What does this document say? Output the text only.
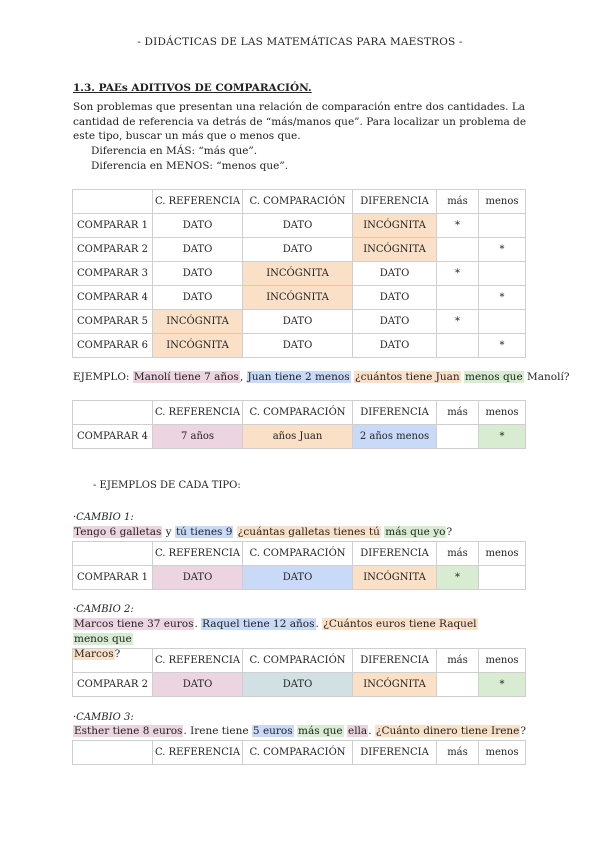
- DIDÁCTICAS DE LAS MATEMÁTICAS PARA MAESTROS -
1.3. PAEs ADITIVOS DE COMPARACIÓN.
Son problemas que presentan una relación de comparación entre dos cantidades. La cantidad de referencia va detrás de “más/manos que”. Para localizar un problema de este tipo, buscar un más que o menos que.
Diferencia en MÁS: “más que”.
Diferencia en MENOS: “menos que”.
	C. REFERENCIA	C. COMPARACIÓN	DIFERENCIA	más	menos
COMPARAR 1	DATO	DATO	INCÓGNITA	*	
COMPARAR 2	DATO	DATO	INCÓGNITA		*
COMPARAR 3	DATO	INCÓGNITA	DATO	*	
COMPARAR 4	DATO	INCÓGNITA	DATO		*
COMPARAR 5	INCÓGNITA	DATO	DATO	*	
COMPARAR 6	INCÓGNITA	DATO	DATO		*
EJEMPLO: Manolí tiene 7 años, Juan tiene 2 menos ¿cuántos tiene Juan menos que Manolí?
	C. REFERENCIA	C. COMPARACIÓN	DIFERENCIA	más	menos
COMPARAR 4	7 años	años Juan	2 años menos		*
- EJEMPLOS DE CADA TIPO:
·CAMBIO 1:
Tengo 6 galletas y tú tienes 9 ¿cuántas galletas tienes tú más que yo?
	C. REFERENCIA	C. COMPARACIÓN	DIFERENCIA	más	menos
COMPARAR 1	DATO	DATO	INCÓGNITA	*	
·CAMBIO 2:
Marcos tiene 37 euros. Raquel tiene 12 años. ¿Cuántos euros tiene Raquel menos que
Marcos?
	C. REFERENCIA	C. COMPARACIÓN	DIFERENCIA	más	menos
COMPARAR 2	DATO	DATO	INCÓGNITA		*
·CAMBIO 3:
Esther tiene 8 euros. Irene tiene 5 euros más que ella. ¿Cuánto dinero tiene Irene?
	C. REFERENCIA	C. COMPARACIÓN	DIFERENCIA	más	menos
